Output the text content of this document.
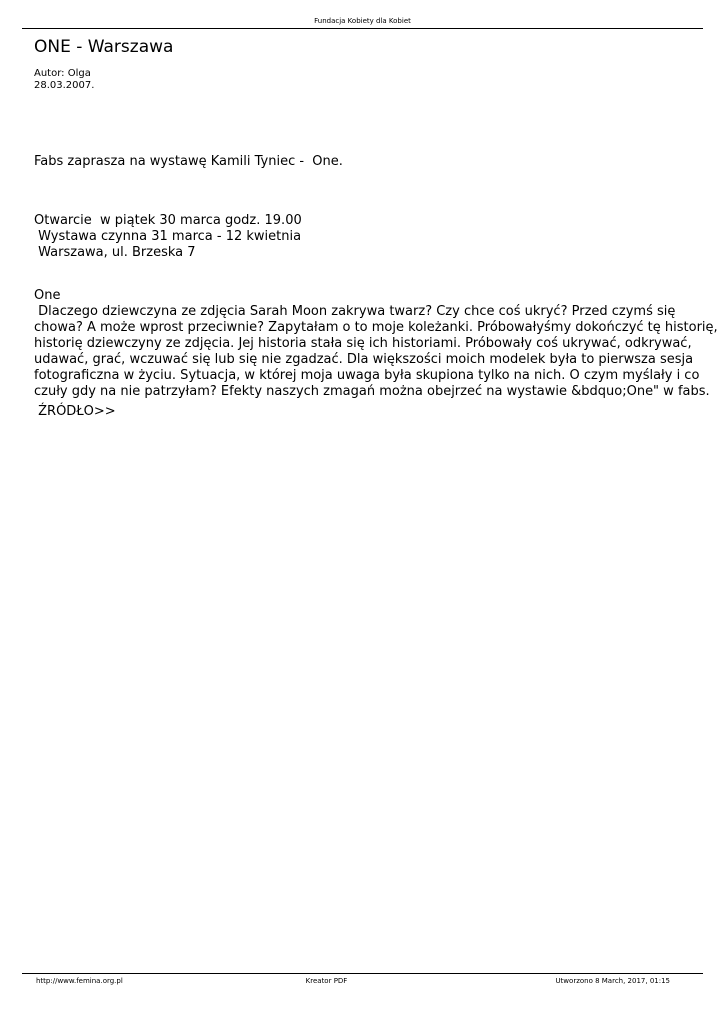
Fundacja Kobiety dla Kobiet
ONE - Warszawa
Autor: Olga
28.03.2007.
Fabs zaprasza na wystawę Kamili Tyniec -  One.
Otwarcie  w piątek 30 marca godz. 19.00
Wystawa czynna 31 marca - 12 kwietnia
Warszawa, ul. Brzeska 7
One
Dlaczego dziewczyna ze zdjęcia Sarah Moon zakrywa twarz? Czy chce coś ukryć? Przed czymś się
chowa? A może wprost przeciwnie? Zapytałam o to moje koleżanki. Próbowałyśmy dokończyć tę historię,
historię dziewczyny ze zdjęcia. Jej historia stała się ich historiami. Próbowały coś ukrywać, odkrywać,
udawać, grać, wczuwać się lub się nie zgadzać. Dla większości moich modelek była to pierwsza sesja
fotograficzna w życiu. Sytuacja, w której moja uwaga była skupiona tylko na nich. O czym myślały i co
czuły gdy na nie patrzyłam? Efekty naszych zmagań można obejrzeć na wystawie &bdquo;One" w fabs.
ŹRÓDŁO>>
http://www.femina.org.pl	Kreator PDF	Utworzono 8 March, 2017, 01:15
